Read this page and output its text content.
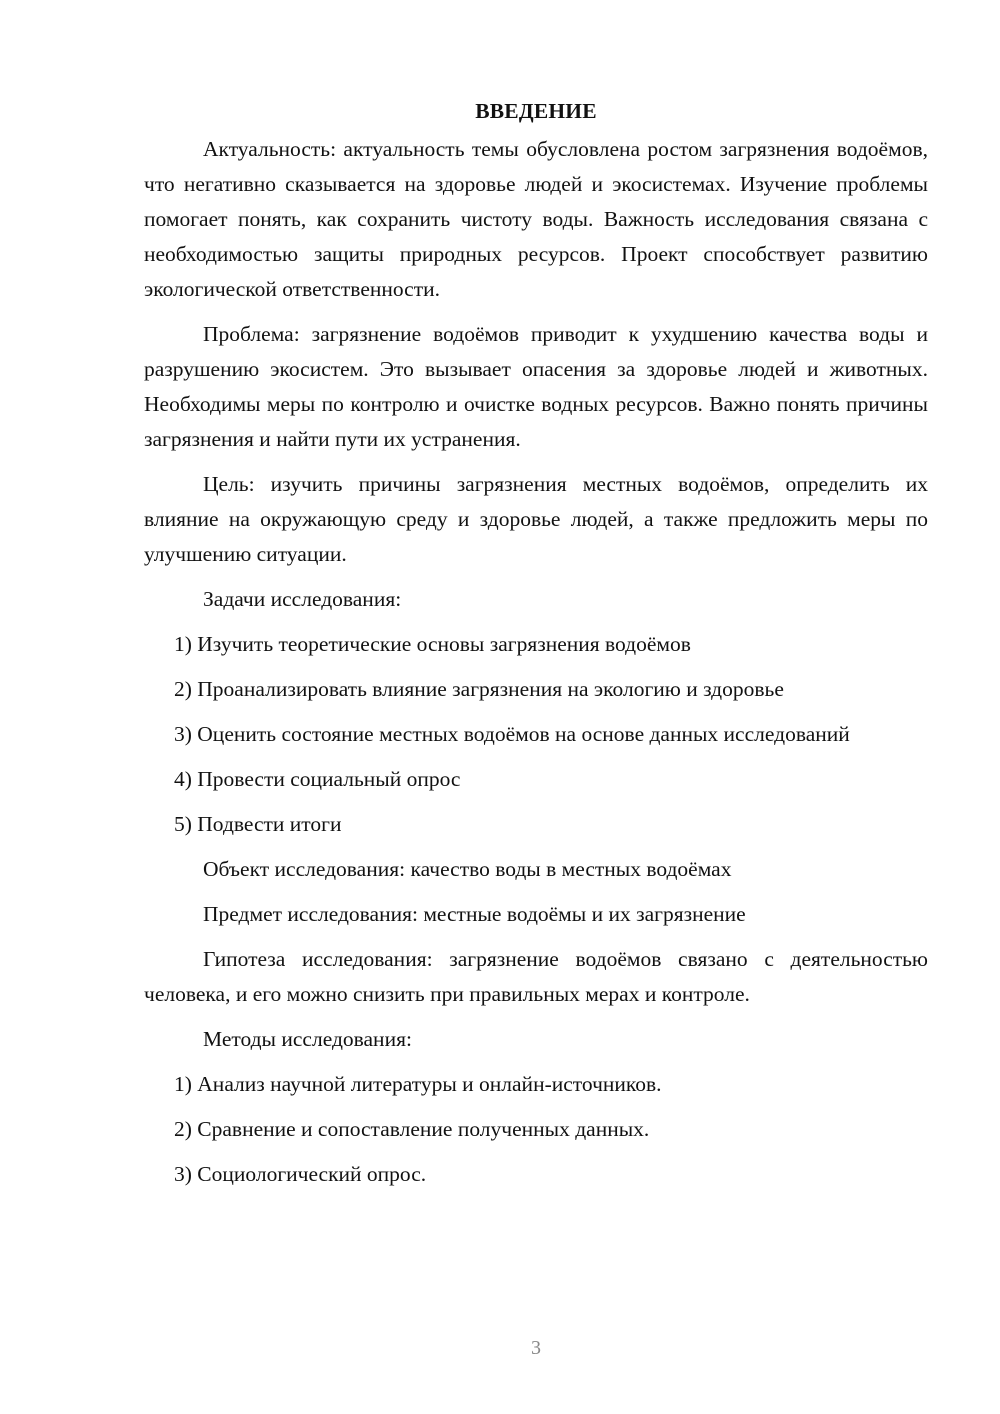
ВВЕДЕНИЕ

Актуальность: актуальность темы обусловлена ростом загрязнения водоёмов, что негативно сказывается на здоровье людей и экосистемах. Изучение проблемы помогает понять, как сохранить чистоту воды. Важность исследования связана с необходимостью защиты природных ресурсов. Проект способствует развитию экологической ответственности.

Проблема: загрязнение водоёмов приводит к ухудшению качества воды и разрушению экосистем. Это вызывает опасения за здоровье людей и животных. Необходимы меры по контролю и очистке водных ресурсов. Важно понять причины загрязнения и найти пути их устранения.

Цель: изучить причины загрязнения местных водоёмов, определить их влияние на окружающую среду и здоровье людей, а также предложить меры по улучшению ситуации.

Задачи исследования:

1) Изучить теоретические основы загрязнения водоёмов

2) Проанализировать влияние загрязнения на экологию и здоровье

3) Оценить состояние местных водоёмов на основе данных исследований

4) Провести социальный опрос

5) Подвести итоги

Объект исследования: качество воды в местных водоёмах

Предмет исследования: местные водоёмы и их загрязнение

Гипотеза исследования: загрязнение водоёмов связано с деятельностью человека, и его можно снизить при правильных мерах и контроле.

Методы исследования:

1) Анализ научной литературы и онлайн-источников.

2) Сравнение и сопоставление полученных данных.

3) Социологический опрос.

3
